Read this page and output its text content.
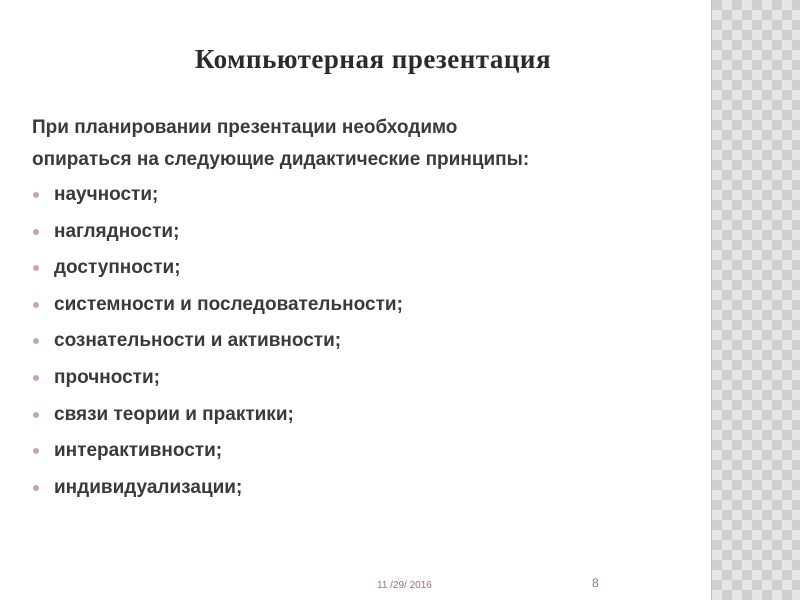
Компьютерная презентация
При планировании презентации необходимо
опираться на следующие дидактические принципы:
научности;
наглядности;
доступности;
системности и последовательности;
сознательности и активности;
прочности;
связи теории и практики;
интерактивности;
индивидуализации;
11 /29/ 2016	8
